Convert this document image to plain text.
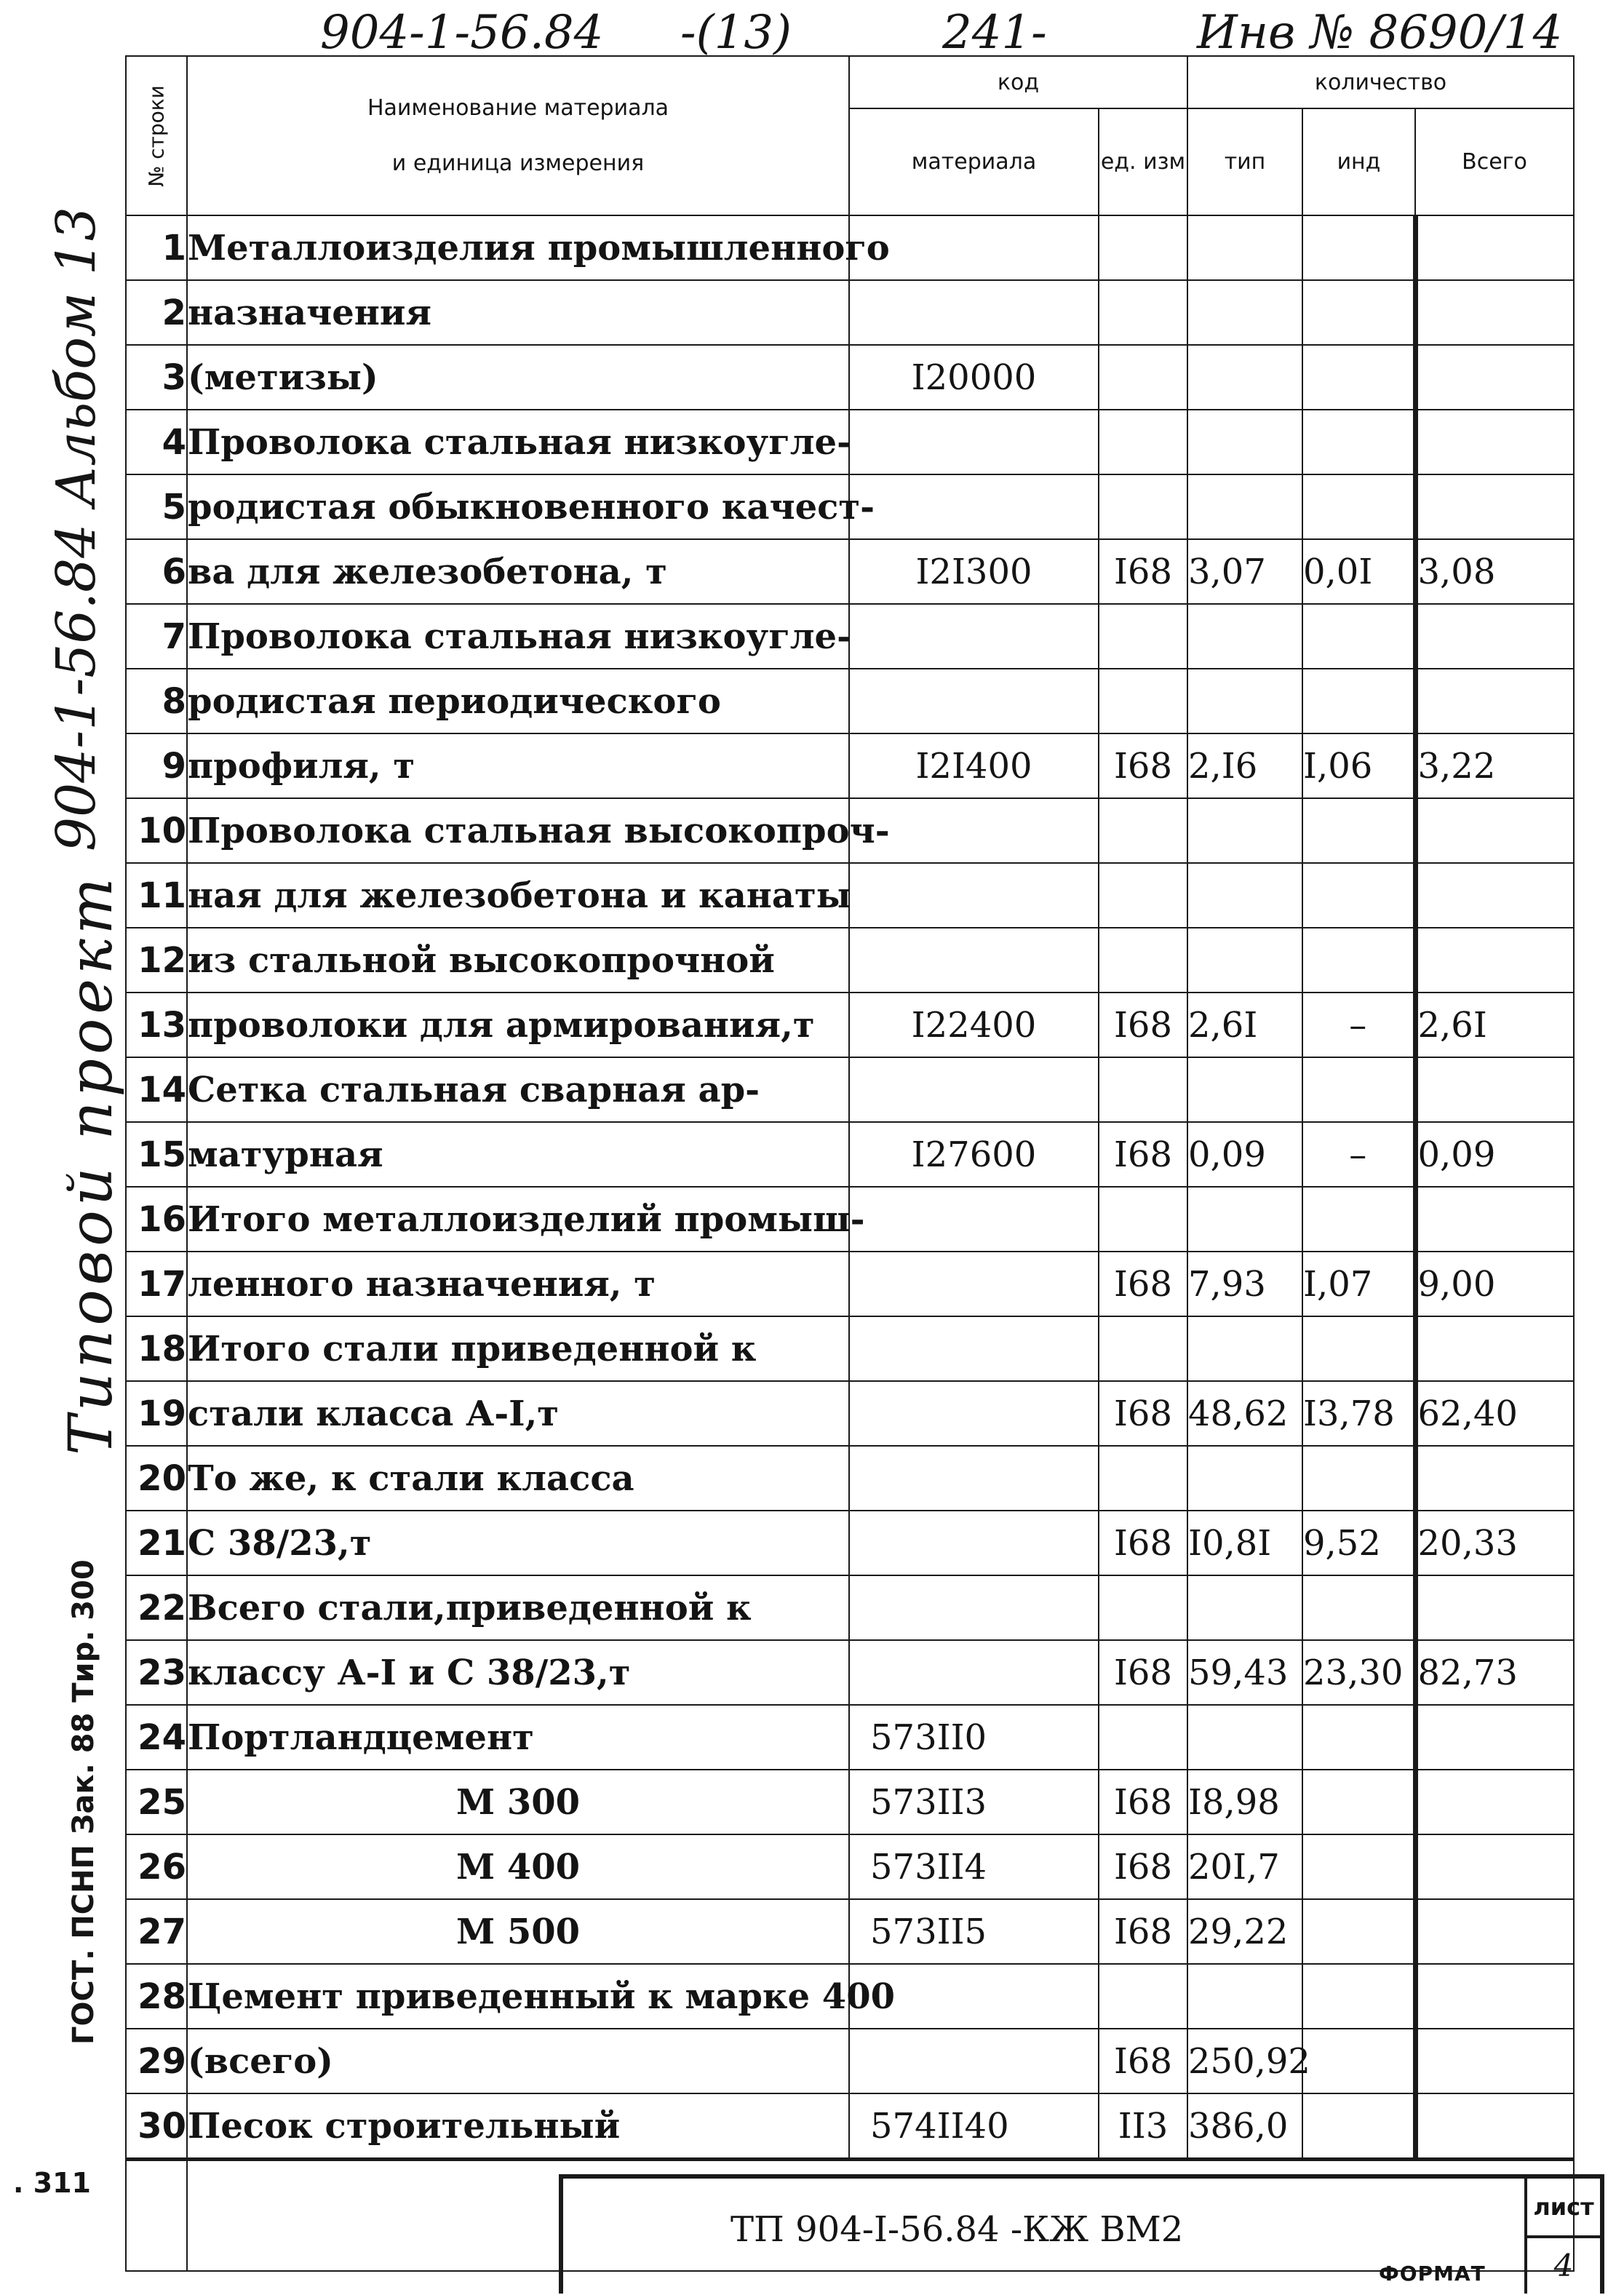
904-1-56.84 -(13)	241-	Инв № 8690/14
904-1-56.84 Альбом 13
Типовой проект
ГОСТ. ПСНП Зак. 88 Тир. 300
. 311
№ строки	Наименование материала
и единица измерения	код		количество		
		материала	ед. изм	тип	инд	Всего
1	Металлоизделия промышленного					
2	назначения					
3	(метизы)	I20000				
4	Проволока стальная низкоугле-					
5	родистая обыкновенного качест-					
6	ва для железобетона, т	I2I300	I68	3,07	0,0I	3,08
7	Проволока стальная низкоугле-					
8	родистая периодического					
9	профиля, т	I2I400	I68	2,I6	I,06	3,22
10	Проволока стальная высокопроч-					
11	ная для железобетона и канаты					
12	из стальной высокопрочной					
13	проволоки для армирования,т	I22400	I68	2,6I	–	2,6I
14	Сетка стальная сварная ар-					
15	матурная	I27600	I68	0,09	–	0,09
16	Итого металлоизделий промыш-					
17	ленного назначения, т		I68	7,93	I,07	9,00
18	Итого стали приведенной к					
19	стали класса А-I,т		I68	48,62	I3,78	62,40
20	То же, к стали класса					
21	С 38/23,т		I68	I0,8I	9,52	20,33
22	Всего стали,приведенной к					
23	классу А-I и С 38/23,т		I68	59,43	23,30	82,73
24	Портландцемент	573II0				
25	М 300	573II3	I68	I8,98		
26	М 400	573II4	I68	20I,7		
27	М 500	573II5	I68	29,22		
28	Цемент приведенный к марке 400					
29	(всего)		I68	250,92		
30	Песок строительный	574II40	II3	386,0		

	ТП 904-I-56.84 -КЖ ВМ2
лист
4					
ФОРМАТ
